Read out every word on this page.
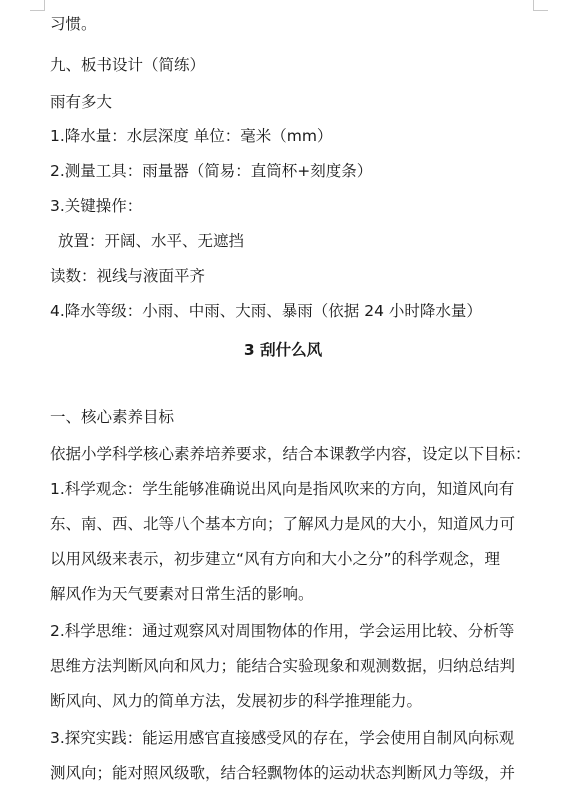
习惯。
九、板书设计（简练）
雨有多大
1.降水量：水层深度 单位：毫米（mm）
2.测量工具：雨量器（简易：直筒杯+刻度条）
3.关键操作：
放置：开阔、水平、无遮挡
读数：视线与液面平齐
4.降水等级：小雨、中雨、大雨、暴雨（依据 24 小时降水量）
3 刮什么风
一、核心素养目标
依据小学科学核心素养培养要求，结合本课教学内容，设定以下目标：
1.科学观念：学生能够准确说出风向是指风吹来的方向，知道风向有
东、南、西、北等八个基本方向；了解风力是风的大小，知道风力可
以用风级来表示，初步建立“风有方向和大小之分”的科学观念，理
解风作为天气要素对日常生活的影响。
2.科学思维：通过观察风对周围物体的作用，学会运用比较、分析等
思维方法判断风向和风力；能结合实验现象和观测数据，归纳总结判
断风向、风力的简单方法，发展初步的科学推理能力。
3.探究实践：能运用感官直接感受风的存在，学会使用自制风向标观
测风向；能对照风级歌，结合轻飘物体的运动状态判断风力等级，并
